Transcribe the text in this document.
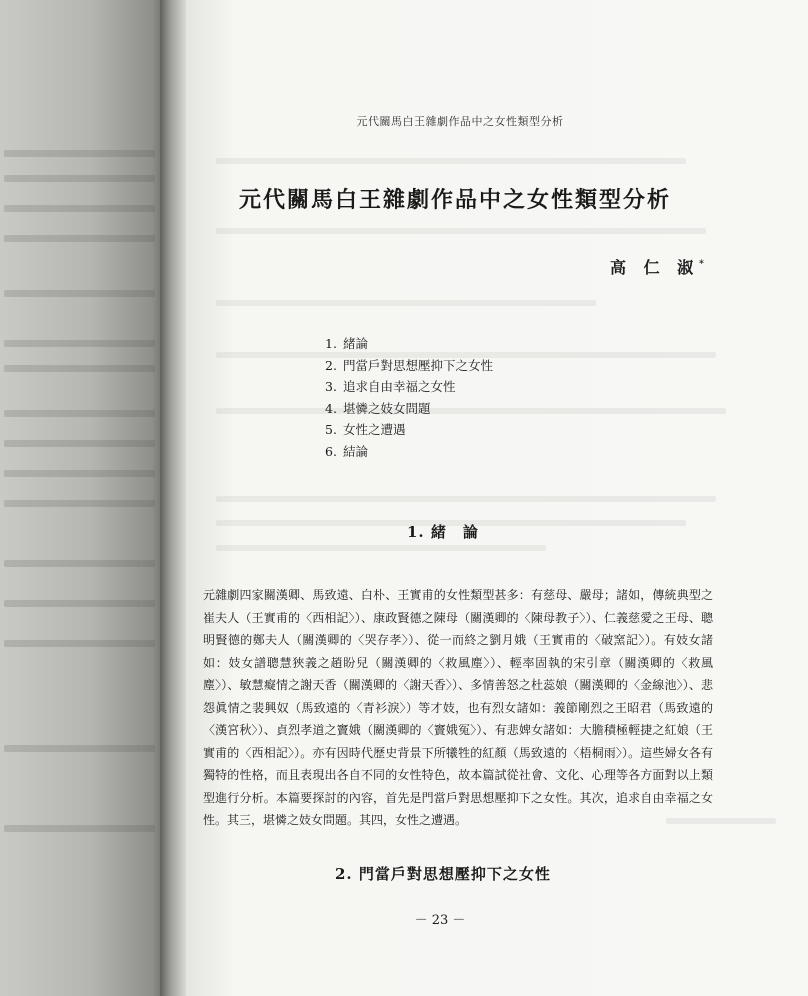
元代關馬白王雜劇作品中之女性類型分析
元代關馬白王雜劇作品中之女性類型分析
高 仁 淑*
1. 緒論
2. 門當戶對思想壓抑下之女性
3. 追求自由幸福之女性
4. 堪憐之妓女問題
5. 女性之遭遇
6. 結論
1. 緒　論

元雜劇四家關漢卿、馬致遠、白朴、王實甫的女性類型甚多：有慈母、嚴母；諸如，傳統典型之崔夫人（王實甫的〈西相記〉）、康政賢德之陳母（關漢卿的〈陳母教子〉）、仁義慈愛之王母、聰明賢德的鄭夫人（關漢卿的〈哭存孝〉）、從一而終之劉月娥（王實甫的〈破窯記〉）。有妓女諸如：妓女譜聰慧狹義之趙盼兒（關漢卿的〈救風塵〉）、輕率固執的宋引章（關漢卿的〈救風塵〉）、敏慧癡情之謝天香（關漢卿的〈謝天香〉）、多情善怒之杜蕊娘（關漢卿的〈金線池〉）、悲怨眞情之裴興奴（馬致遠的〈青衫淚〉）等才妓，也有烈女諸如：義節剛烈之王昭君（馬致遠的〈漢宮秋〉）、貞烈孝道之竇娥（關漢卿的〈竇娥冤〉）、有悲婢女諸如：大膽積極輕捷之紅娘（王實甫的〈西相記〉）。亦有因時代歷史背景下所犧牲的紅顏（馬致遠的〈梧桐雨〉）。這些婦女各有獨特的性格，而且表現出各自不同的女性特色，故本篇試從社會、文化、心理等各方面對以上類型進行分析。本篇要探討的內容，首先是門當戶對思想壓抑下之女性。其次，追求自由幸福之女性。其三，堪憐之妓女問題。其四，女性之遭遇。

2. 門當戶對思想壓抑下之女性
－ 23 －
